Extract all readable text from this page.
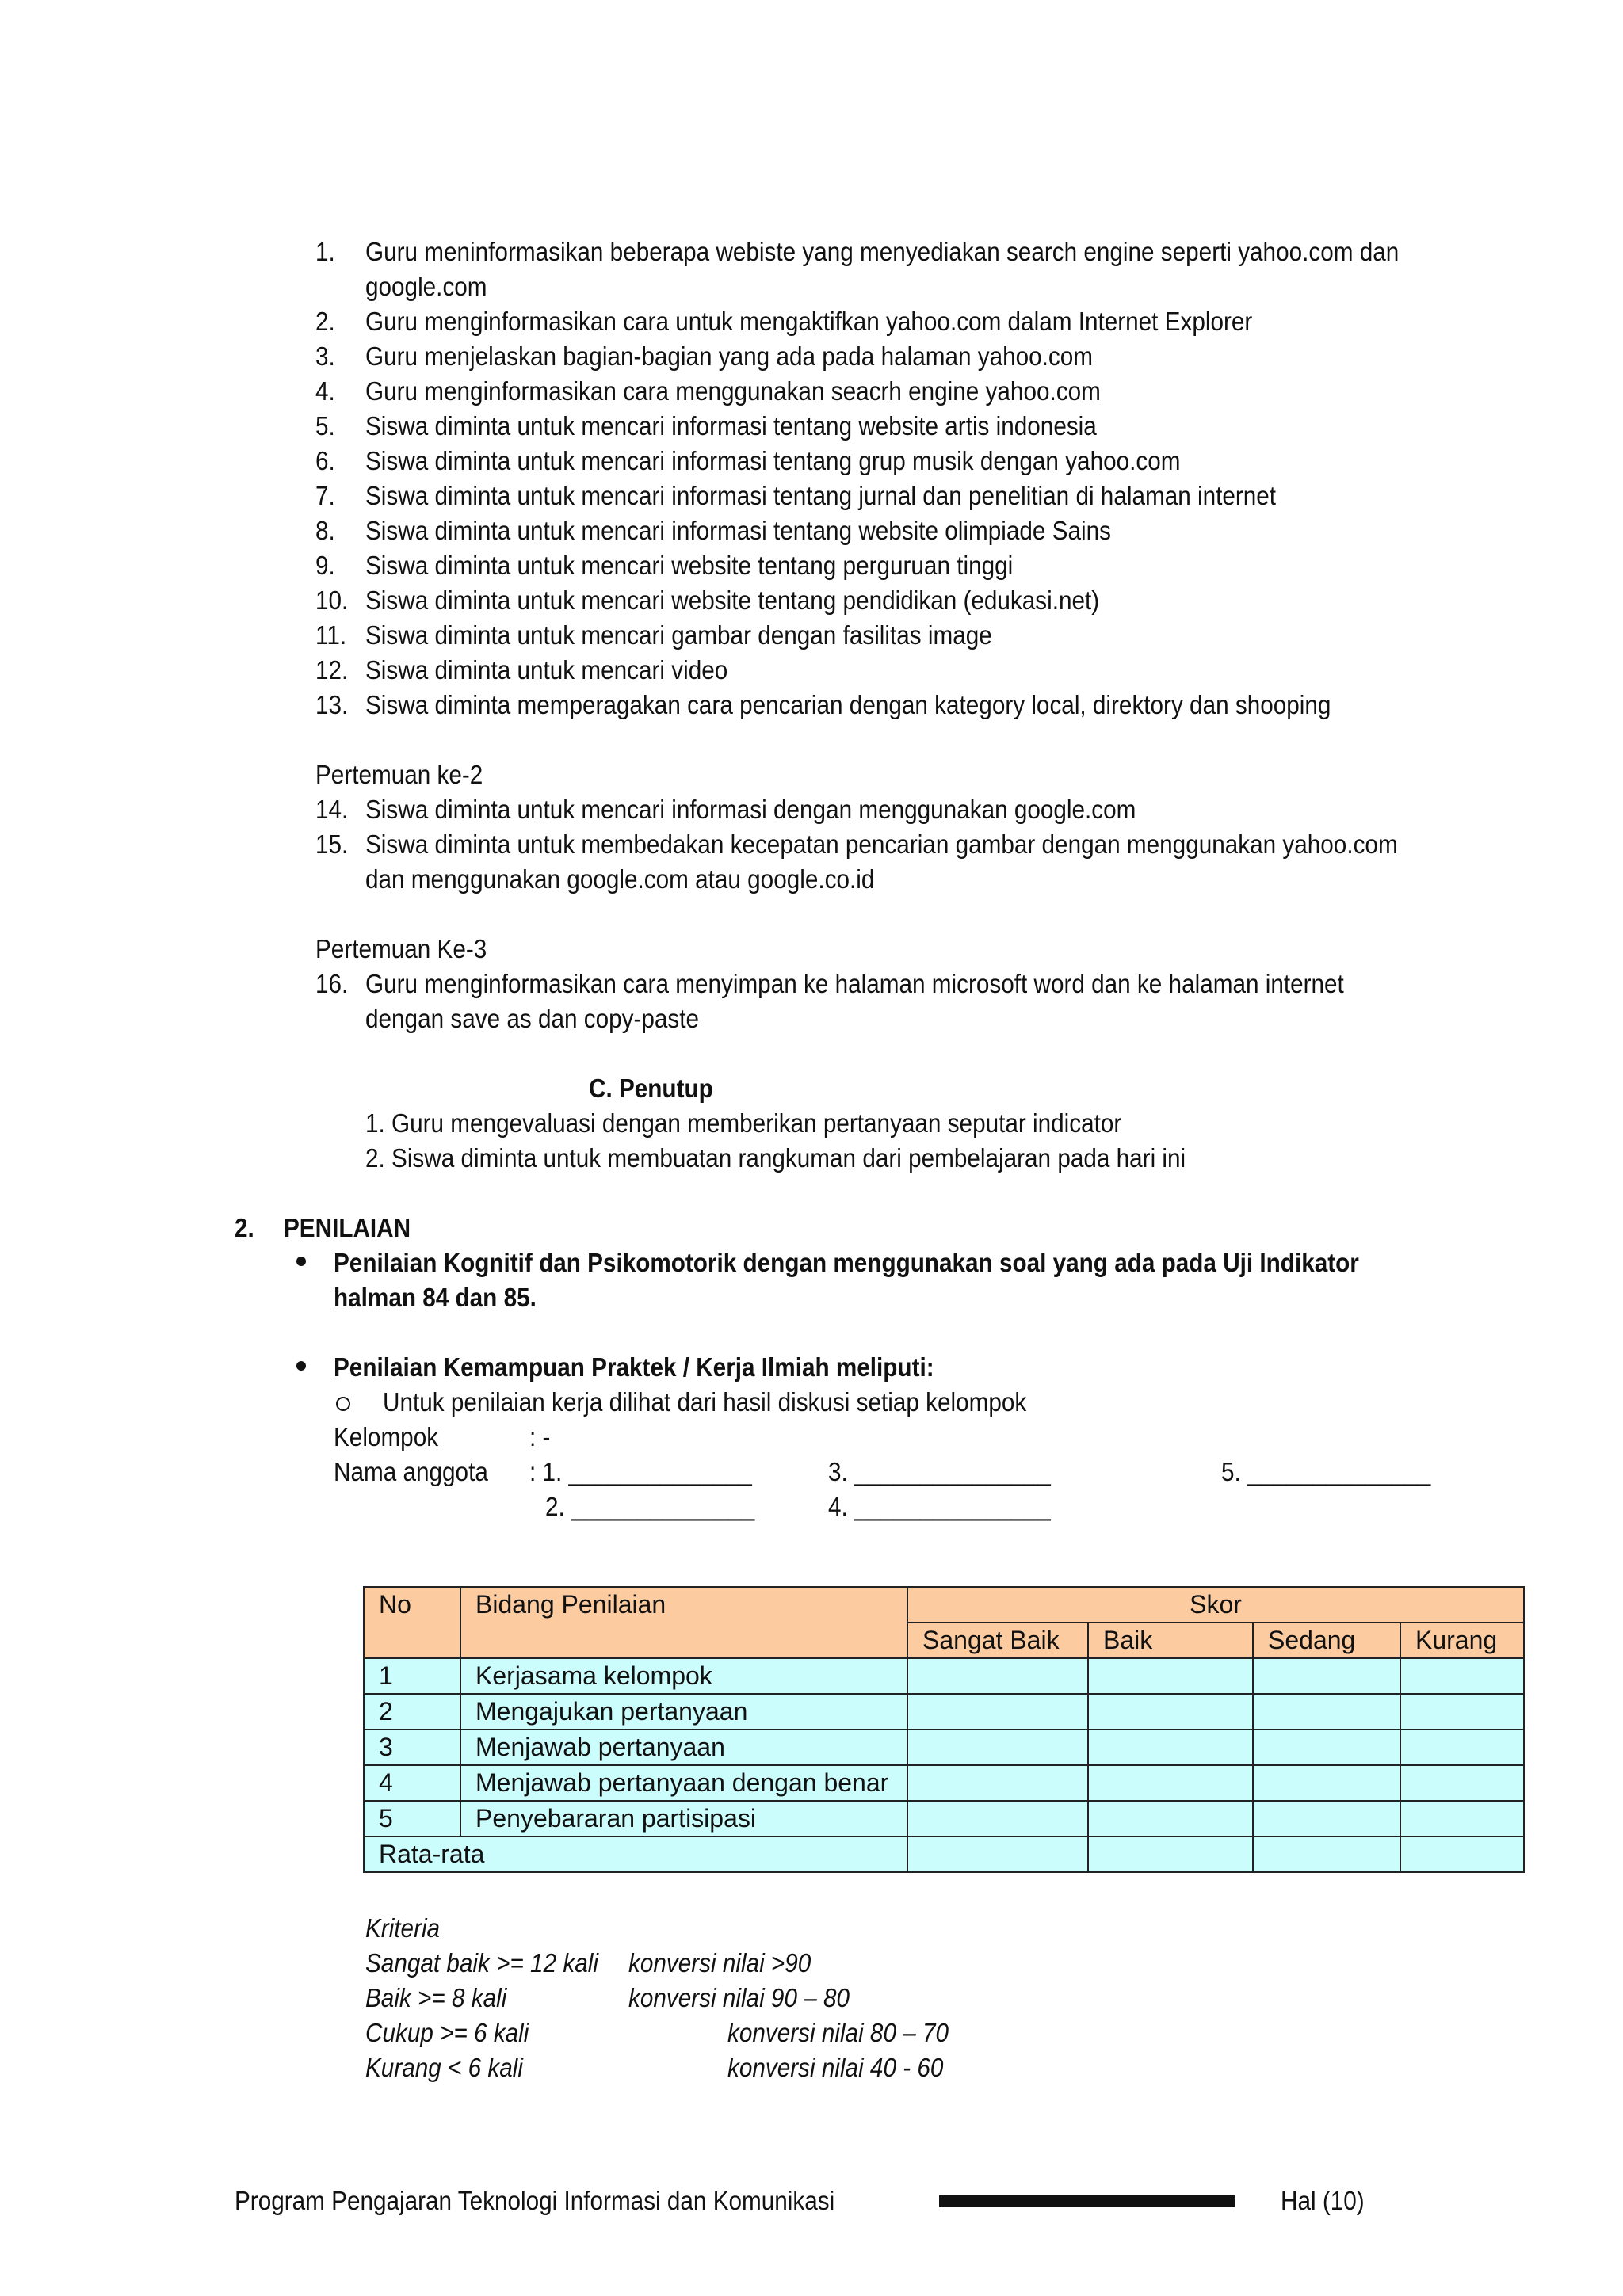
1. Guru meninformasikan beberapa webiste yang menyediakan search engine seperti yahoo.com dan
google.com
2. Guru menginformasikan cara untuk mengaktifkan yahoo.com dalam Internet Explorer
3. Guru menjelaskan bagian-bagian yang ada pada halaman yahoo.com
4. Guru menginformasikan cara menggunakan seacrh engine yahoo.com
5. Siswa diminta untuk mencari informasi tentang website artis indonesia
6. Siswa diminta untuk mencari informasi tentang grup musik dengan yahoo.com
7. Siswa diminta untuk mencari informasi tentang jurnal dan penelitian di halaman internet
8. Siswa diminta untuk mencari informasi tentang website olimpiade Sains
9. Siswa diminta untuk mencari website tentang perguruan tinggi
10. Siswa diminta untuk mencari website tentang pendidikan (edukasi.net)
11. Siswa diminta untuk mencari gambar dengan fasilitas image
12. Siswa diminta untuk mencari video
13. Siswa diminta memperagakan cara pencarian dengan kategory local, direktory dan shooping
Pertemuan ke-2
14. Siswa diminta untuk mencari informasi dengan menggunakan google.com
15. Siswa diminta untuk membedakan kecepatan pencarian gambar dengan menggunakan yahoo.com
dan menggunakan google.com atau google.co.id
Pertemuan Ke-3
16. Guru menginformasikan cara menyimpan ke halaman microsoft word dan ke halaman internet
dengan save as dan copy-paste
C. Penutup
1. Guru mengevaluasi dengan memberikan pertanyaan seputar indicator
2. Siswa diminta untuk membuatan rangkuman dari pembelajaran pada hari ini
2. PENILAIAN
Penilaian Kognitif dan Psikomotorik dengan menggunakan soal yang ada pada Uji Indikator
halman 84 dan 85.
Penilaian Kemampuan Praktek / Kerja Ilmiah meliputi:
Untuk penilaian kerja dilihat dari hasil diskusi setiap kelompok
Kelompok	: -
Nama anggota : 1. ______________
2. ______________
3. _______________
4. _______________
5. ______________
No	Bidang Penilaian	Skor			
		Sangat Baik	Baik	Sedang	Kurang
1	Kerjasama kelompok				
2	Mengajukan pertanyaan				
3	Menjawab pertanyaan				
4	Menjawab pertanyaan dengan benar				
5	Penyebararan partisipasi				
Rata-rata					
Kriteria
Sangat baik >= 12 kali konversi nilai >90
Baik >= 8 kali	konversi nilai 90 – 80
Cukup >= 6 kali	konversi nilai 80 – 70
Kurang < 6 kali	konversi nilai 40 - 60
Program Pengajaran Teknologi Informasi dan Komunikasi	Hal (10)
